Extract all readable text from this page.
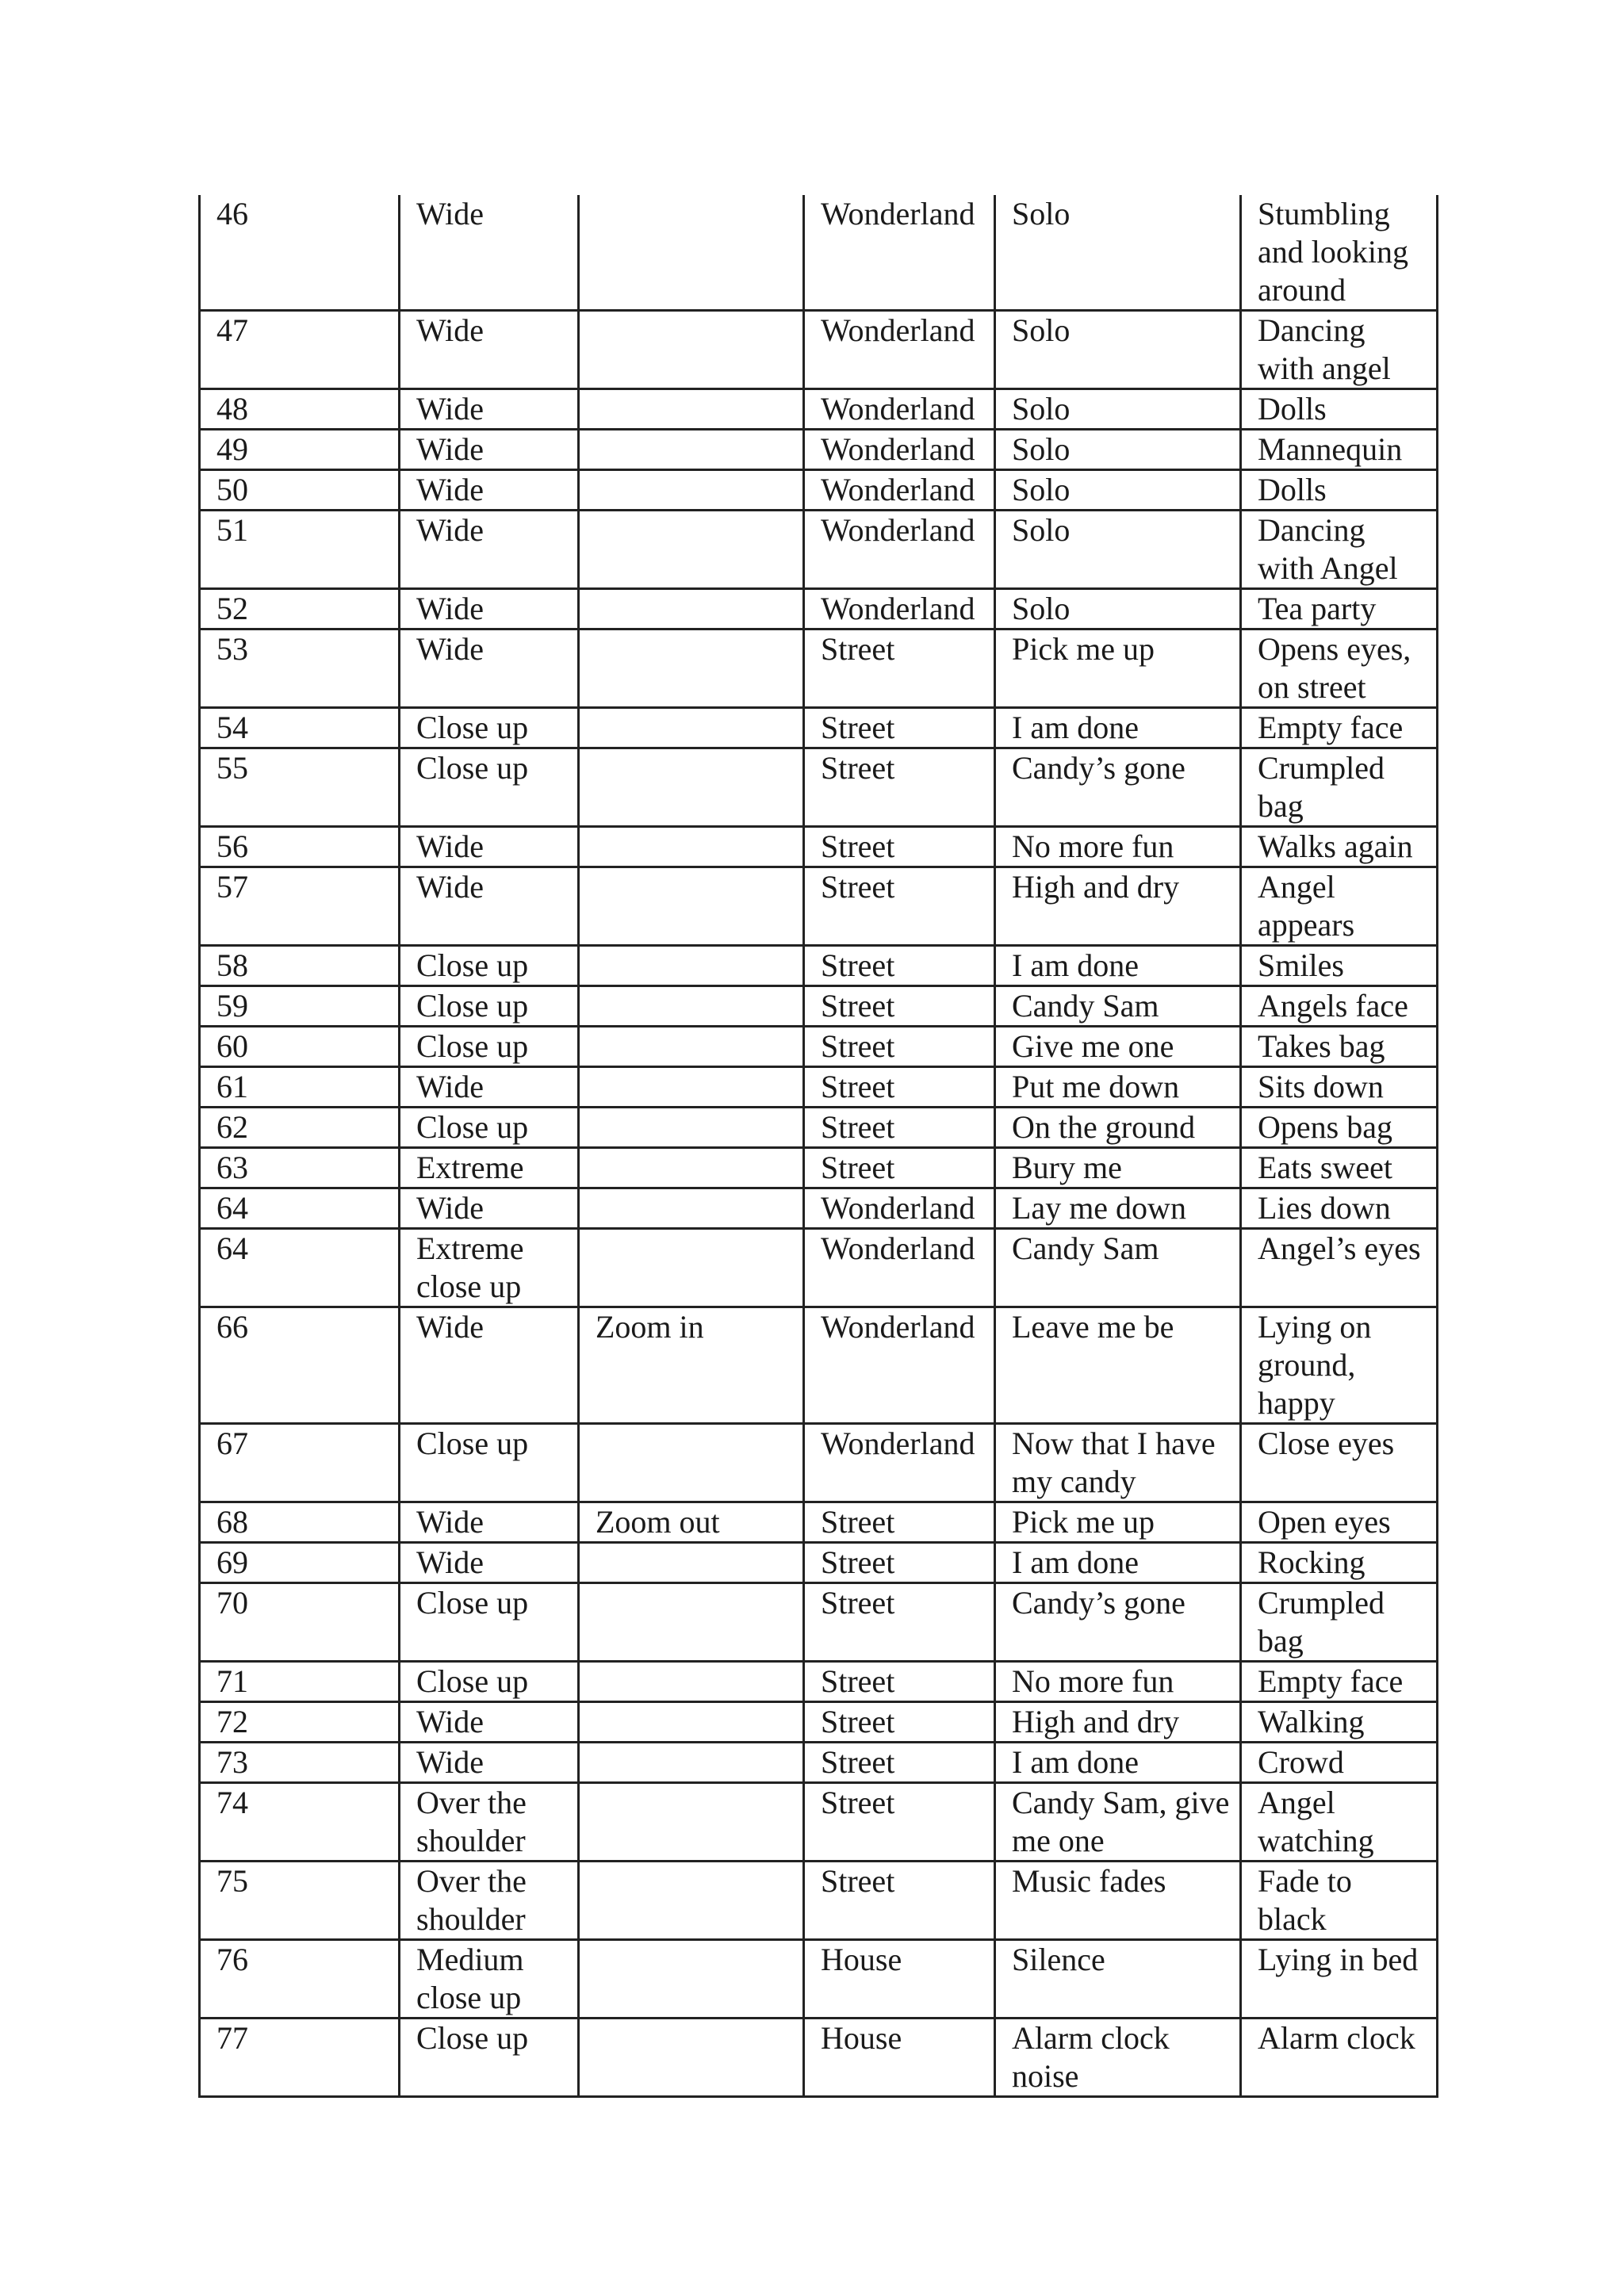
46	Wide		Wonderland	Solo	Stumbling and looking around
47	Wide		Wonderland	Solo	Dancing with angel
48	Wide		Wonderland	Solo	Dolls
49	Wide		Wonderland	Solo	Mannequin
50	Wide		Wonderland	Solo	Dolls
51	Wide		Wonderland	Solo	Dancing with Angel
52	Wide		Wonderland	Solo	Tea party
53	Wide		Street	Pick me up	Opens eyes, on street
54	Close up		Street	I am done	Empty face
55	Close up		Street	Candy’s gone	Crumpled bag
56	Wide		Street	No more fun	Walks again
57	Wide		Street	High and dry	Angel appears
58	Close up		Street	I am done	Smiles
59	Close up		Street	Candy Sam	Angels face
60	Close up		Street	Give me one	Takes bag
61	Wide		Street	Put me down	Sits down
62	Close up		Street	On the ground	Opens bag
63	Extreme		Street	Bury me	Eats sweet
64	Wide		Wonderland	Lay me down	Lies down
64	Extreme close up		Wonderland	Candy Sam	Angel’s eyes
66	Wide	Zoom in	Wonderland	Leave me be	Lying on ground, happy
67	Close up		Wonderland	Now that I have my candy	Close eyes
68	Wide	Zoom out	Street	Pick me up	Open eyes
69	Wide		Street	I am done	Rocking
70	Close up		Street	Candy’s gone	Crumpled bag
71	Close up		Street	No more fun	Empty face
72	Wide		Street	High and dry	Walking
73	Wide		Street	I am done	Crowd
74	Over the shoulder		Street	Candy Sam, give me one	Angel watching
75	Over the shoulder		Street	Music fades	Fade to black
76	Medium close up		House	Silence	Lying in bed
77	Close up		House	Alarm clock noise	Alarm clock
